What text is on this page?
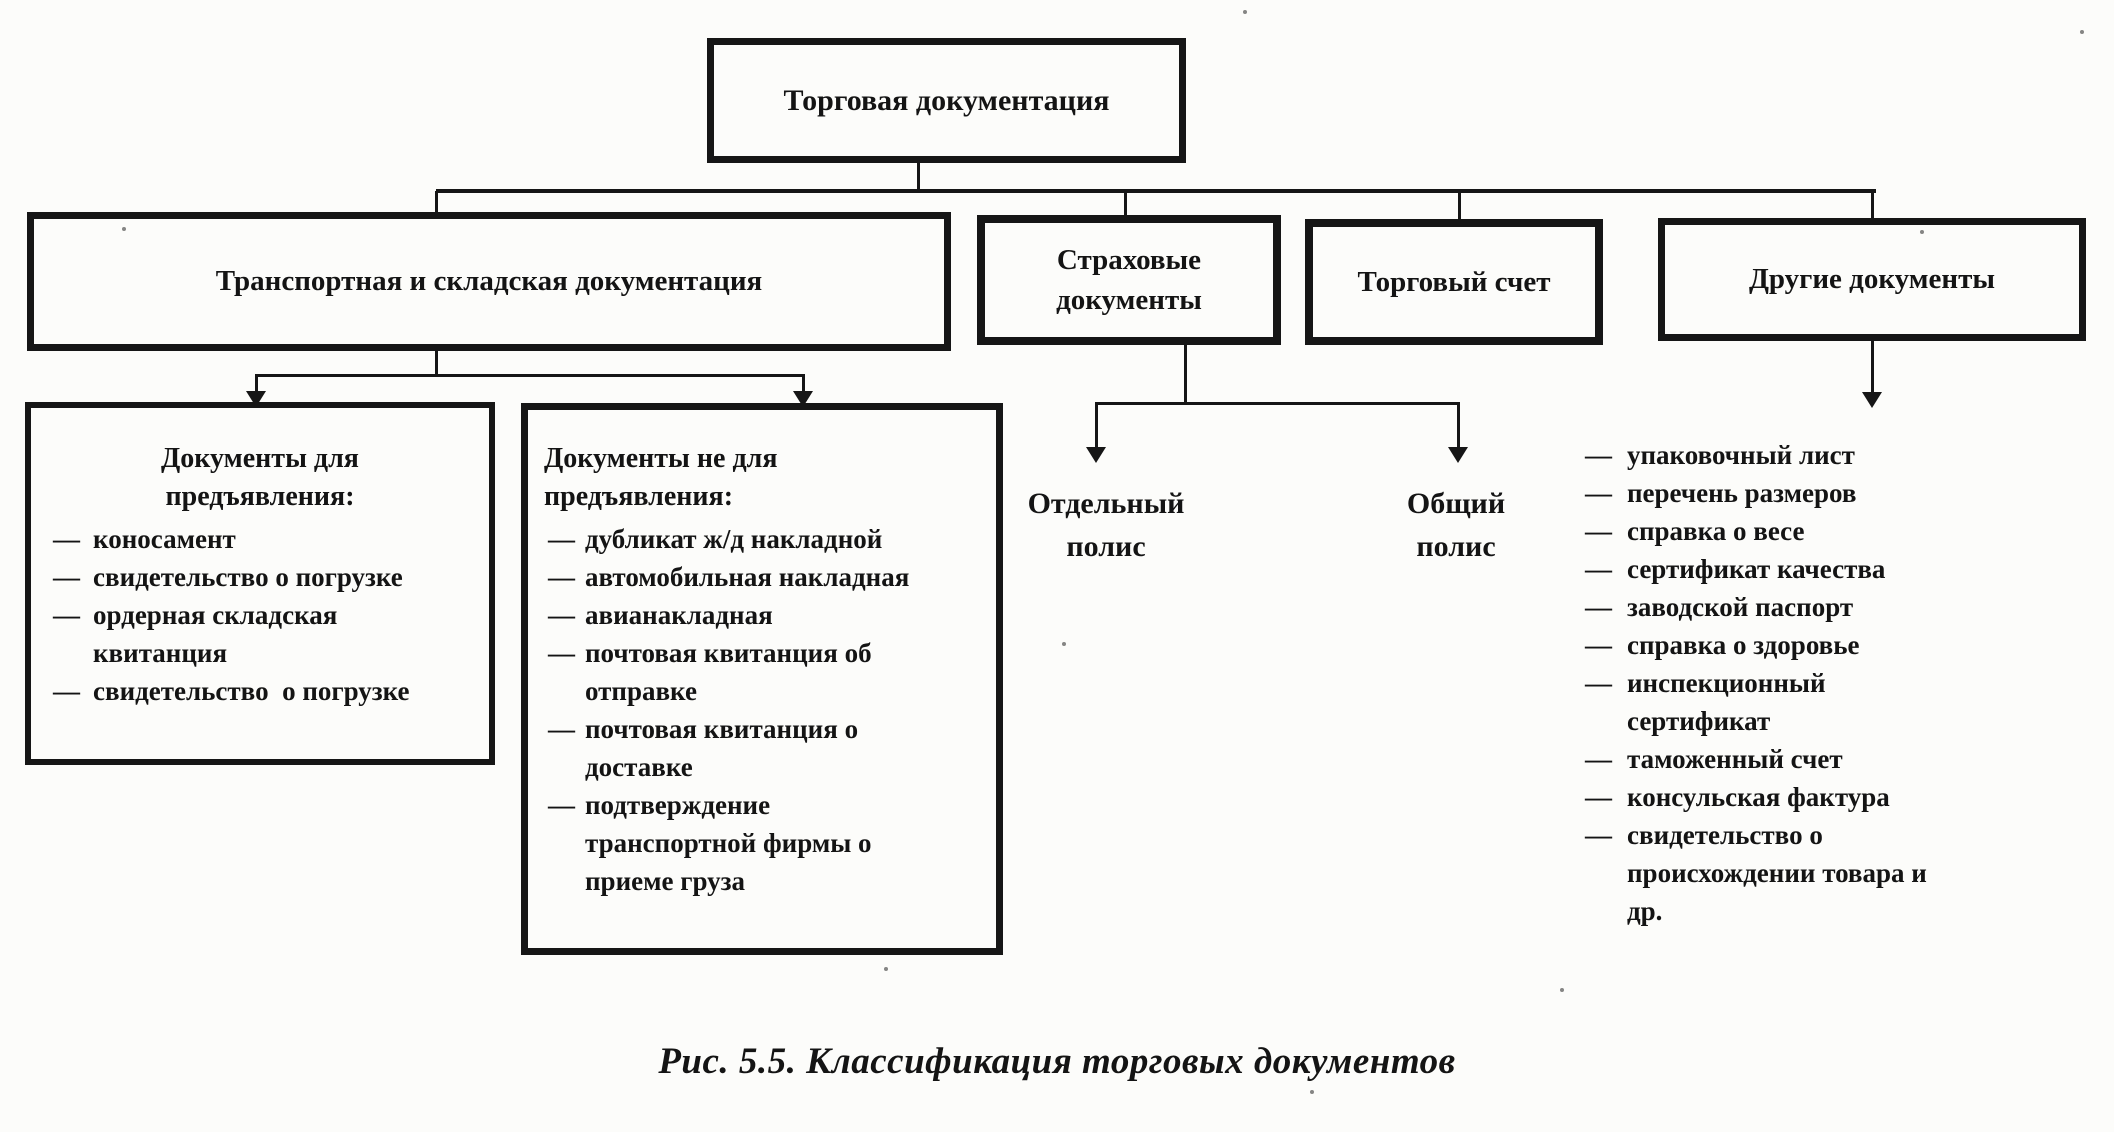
Торговая документация
Транспортная и складская документация
Страховые документы
Торговый счет	Другие документы
Документы для предъявления:
— коносамент
— свидетельство о погрузке
— ордерная складская квитанция
— свидетельство  о погрузке
Документы не для предъявления:
— дубликат ж/д накладной
— автомобильная накладная
— авианакладная
— почтовая квитанция об отправке
— почтовая квитанция о доставке
— подтверждение транспортной фирмы о приеме груза
Отдельный полис
Общий полис
— упаковочный лист
— перечень размеров
— справка о весе
— сертификат качества
— заводской паспорт
— справка о здоровье
— инспекционный сертификат
— таможенный счет
— консульская фактура
— свидетельство о происхождении товара и др.
Рис. 5.5. Классификация торговых документов
